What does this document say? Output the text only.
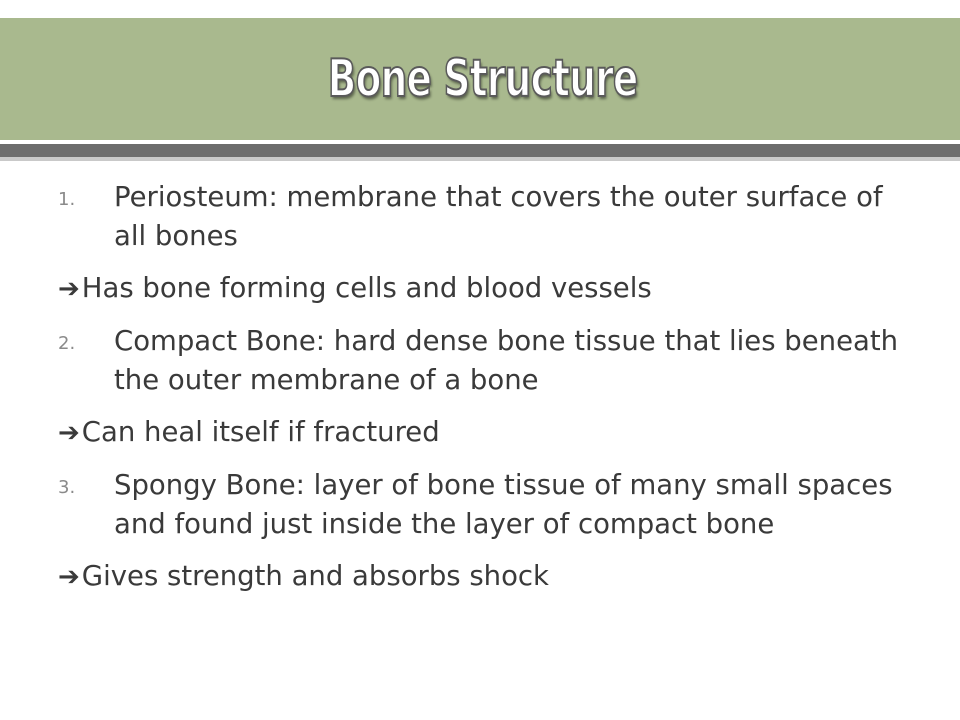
Bone Structure
1. Periosteum: membrane that covers the outer surface of all bones
➔Has bone forming cells and blood vessels
2. Compact Bone: hard dense bone tissue that lies beneath the outer membrane of a bone
➔Can heal itself if fractured
3. Spongy Bone: layer of bone tissue of many small spaces and found just inside the layer of compact bone
➔Gives strength and absorbs shock
